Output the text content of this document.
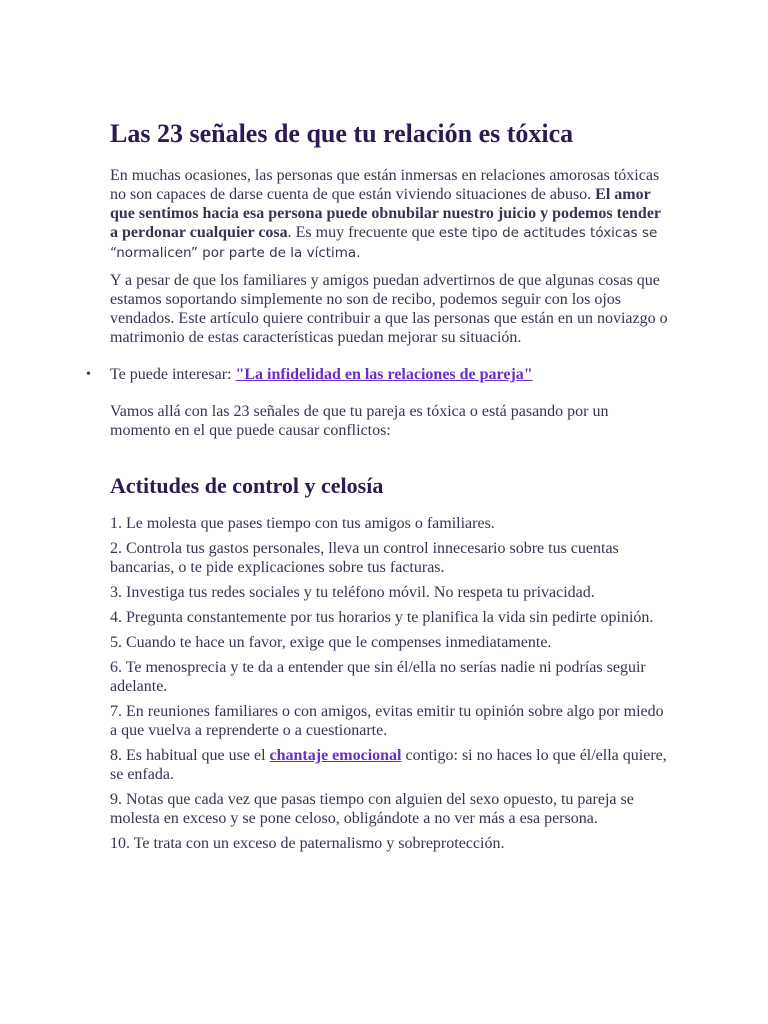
Las 23 señales de que tu relación es tóxica

En muchas ocasiones, las personas que están inmersas en relaciones amorosas tóxicas no son capaces de darse cuenta de que están viviendo situaciones de abuso. El amor que sentimos hacia esa persona puede obnubilar nuestro juicio y podemos tender a perdonar cualquier cosa. Es muy frecuente que este tipo de actitudes tóxicas se “normalicen” por parte de la víctima.

Y a pesar de que los familiares y amigos puedan advertirnos de que algunas cosas que estamos soportando simplemente no son de recibo, podemos seguir con los ojos vendados. Este artículo quiere contribuir a que las personas que están en un noviazgo o matrimonio de estas características puedan mejorar su situación.

• Te puede interesar: "La infidelidad en las relaciones de pareja"

Vamos allá con las 23 señales de que tu pareja es tóxica o está pasando por un momento en el que puede causar conflictos:

Actitudes de control y celosía

1. Le molesta que pases tiempo con tus amigos o familiares.

2. Controla tus gastos personales, lleva un control innecesario sobre tus cuentas bancarias, o te pide explicaciones sobre tus facturas.

3. Investiga tus redes sociales y tu teléfono móvil. No respeta tu privacidad.

4. Pregunta constantemente por tus horarios y te planifica la vida sin pedirte opinión.

5. Cuando te hace un favor, exige que le compenses inmediatamente.

6. Te menosprecia y te da a entender que sin él/ella no serías nadie ni podrías seguir adelante.

7. En reuniones familiares o con amigos, evitas emitir tu opinión sobre algo por miedo a que vuelva a reprenderte o a cuestionarte.

8. Es habitual que use el chantaje emocional contigo: si no haces lo que él/ella quiere, se enfada.

9. Notas que cada vez que pasas tiempo con alguien del sexo opuesto, tu pareja se molesta en exceso y se pone celoso, obligándote a no ver más a esa persona.

10. Te trata con un exceso de paternalismo y sobreprotección.
